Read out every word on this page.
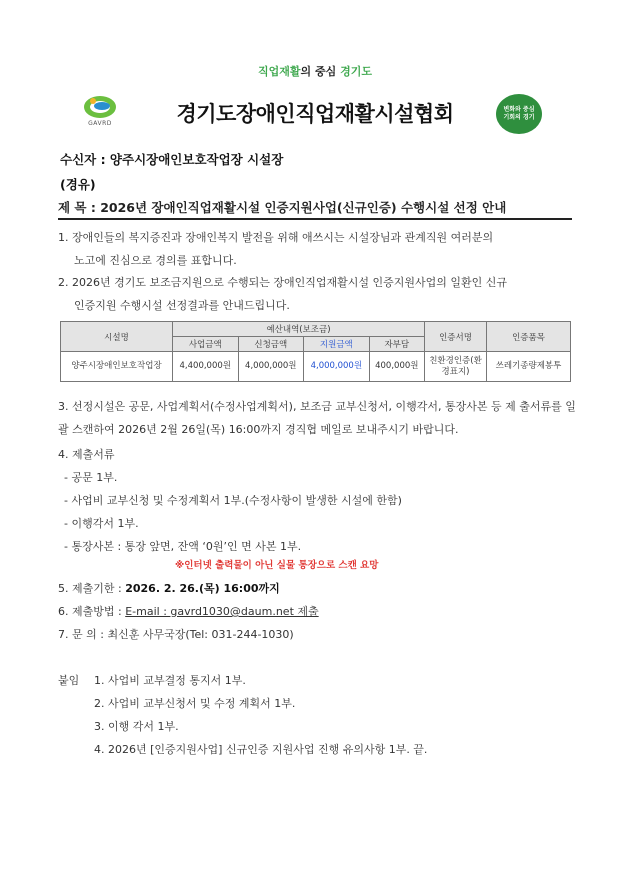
직업재활의 중심 경기도
GAVRD	경기도장애인직업재활시설협회	변화와 중심
기회의 경기
수신자 : 양주시장애인보호작업장 시설장
(경유)
제 목 : 2026년 장애인직업재활시설 인증지원사업(신규인증) 수행시설 선정 안내
1. 장애인들의 복지증진과 장애인복지 발전을 위해 애쓰시는 시설장님과 관계직원 여러분의
노고에 진심으로 경의를 표합니다.
2. 2026년 경기도 보조금지원으로 수행되는 장애인직업재활시설 인증지원사업의 일환인 신규
인증지원 수행시설 선정결과를 안내드립니다.
시설명	예산내역(보조금)				인증서명	인증품목
	사업금액	신청금액	지원금액	자부담		
양주시장애인보호작업장	4,400,000원	4,000,000원	4,000,000원	400,000원	친환경인증(환
경표지)	쓰레기종량제봉투
3. 선정시설은 공문, 사업계획서(수정사업계획서), 보조금 교부신청서, 이행각서, 통장사본 등 제 출서류를 일괄 스캔하여 2026년 2월 26일(목) 16:00까지 경직협 메일로 보내주시기 바랍니다.
4. 제출서류
- 공문 1부.
- 사업비 교부신청 및 수정계획서 1부.(수정사항이 발생한 시설에 한함)
- 이행각서 1부.
- 통장사본 : 통장 앞면, 잔액 ‘0원’인 면 사본 1부.
※인터넷 출력물이 아닌 실물 통장으로 스캔 요망
5. 제출기한 : 2026. 2. 26.(목) 16:00까지
6. 제출방법 : E-mail : gavrd1030@daum.net 제출
7. 문 의 : 최신훈 사무국장(Tel: 031-244-1030)
붙임 1. 사업비 교부결정 통지서 1부.
2. 사업비 교부신청서 및 수정 계획서 1부.
3. 이행 각서 1부.
4. 2026년 [인증지원사업] 신규인증 지원사업 진행 유의사항 1부. 끝.
